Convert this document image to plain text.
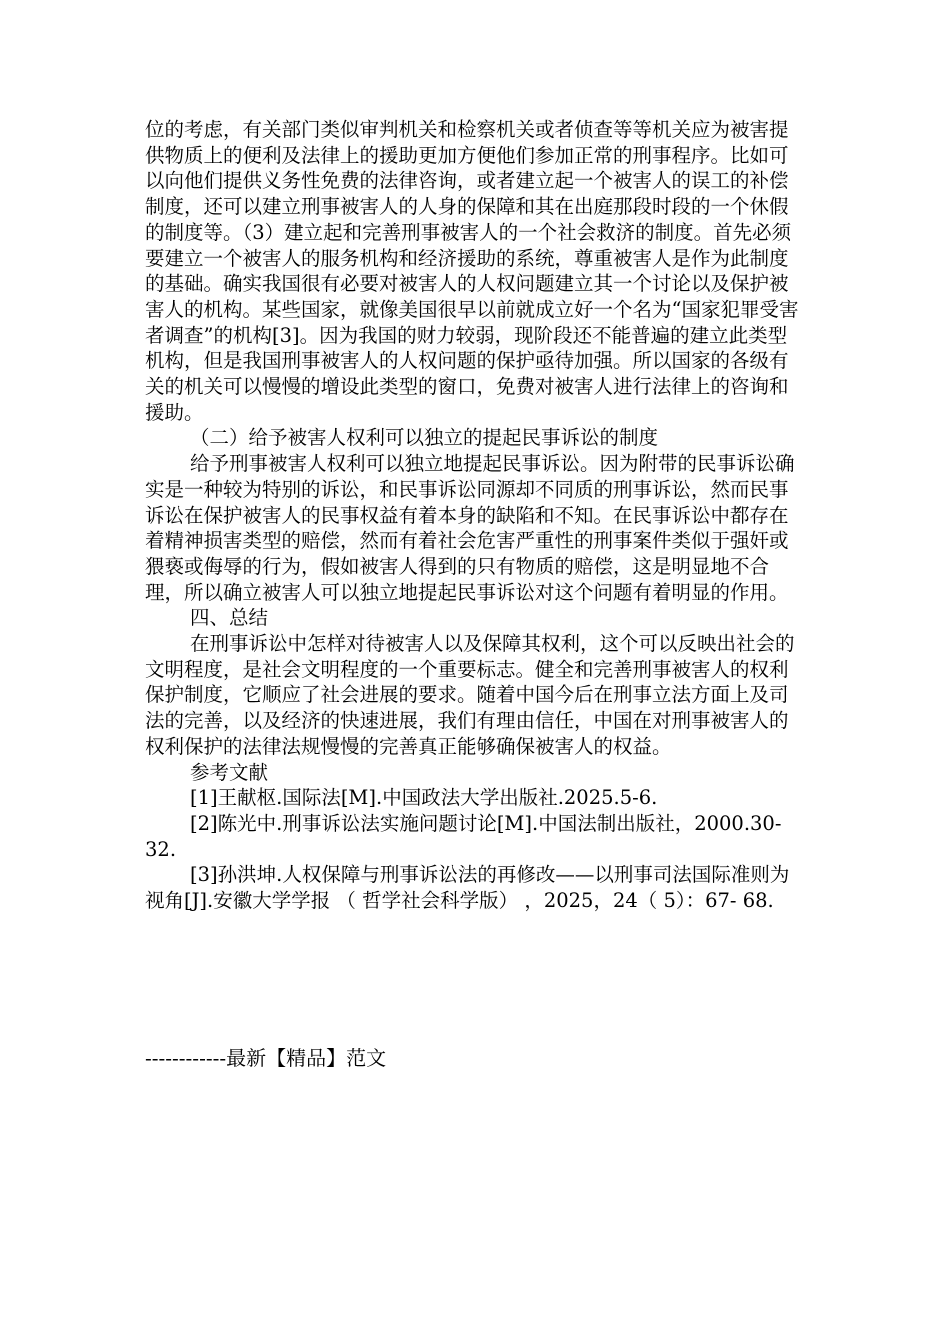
位的考虑，有关部门类似审判机关和检察机关或者侦查等等机关应为被害提供物质上的便利及法律上的援助更加方便他们参加正常的刑事程序。比如可以向他们提供义务性免费的法律咨询，或者建立起一个被害人的误工的补偿制度，还可以建立刑事被害人的人身的保障和其在出庭那段时段的一个休假的制度等。（3）建立起和完善刑事被害人的一个社会救济的制度。首先必须要建立一个被害人的服务机构和经济援助的系统，尊重被害人是作为此制度的基础。确实我国很有必要对被害人的人权问题建立其一个讨论以及保护被害人的机构。某些国家，就像美国很早以前就成立好一个名为“国家犯罪受害者调查”的机构[3]。因为我国的财力较弱，现阶段还不能普遍的建立此类型机构，但是我国刑事被害人的人权问题的保护亟待加强。所以国家的各级有关的机关可以慢慢的增设此类型的窗口，免费对被害人进行法律上的咨询和援助。

（二）给予被害人权利可以独立的提起民事诉讼的制度

给予刑事被害人权利可以独立地提起民事诉讼。因为附带的民事诉讼确实是一种较为特别的诉讼，和民事诉讼同源却不同质的刑事诉讼，然而民事诉讼在保护被害人的民事权益有着本身的缺陷和不知。在民事诉讼中都存在着精神损害类型的赔偿，然而有着社会危害严重性的刑事案件类似于强奸或猥亵或侮辱的行为，假如被害人得到的只有物质的赔偿，这是明显地不合理，所以确立被害人可以独立地提起民事诉讼对这个问题有着明显的作用。

四、总结

在刑事诉讼中怎样对待被害人以及保障其权利，这个可以反映出社会的文明程度，是社会文明程度的一个重要标志。健全和完善刑事被害人的权利保护制度，它顺应了社会进展的要求。随着中国今后在刑事立法方面上及司法的完善，以及经济的快速进展，我们有理由信任，中国在对刑事被害人的权利保护的法律法规慢慢的完善真正能够确保被害人的权益。

参考文献

[1]王献枢.国际法[M].中国政法大学出版社.2025.5-6.

[2]陈光中.刑事诉讼法实施问题讨论[M].中国法制出版社，2000.30-32.

[3]孙洪坤.人权保障与刑事诉讼法的再修改——以刑事司法国际准则为视角[J].安徽大学学报 （ 哲学社会科学版） ，2025，24（ 5）：67- 68.

------------最新【精品】范文
